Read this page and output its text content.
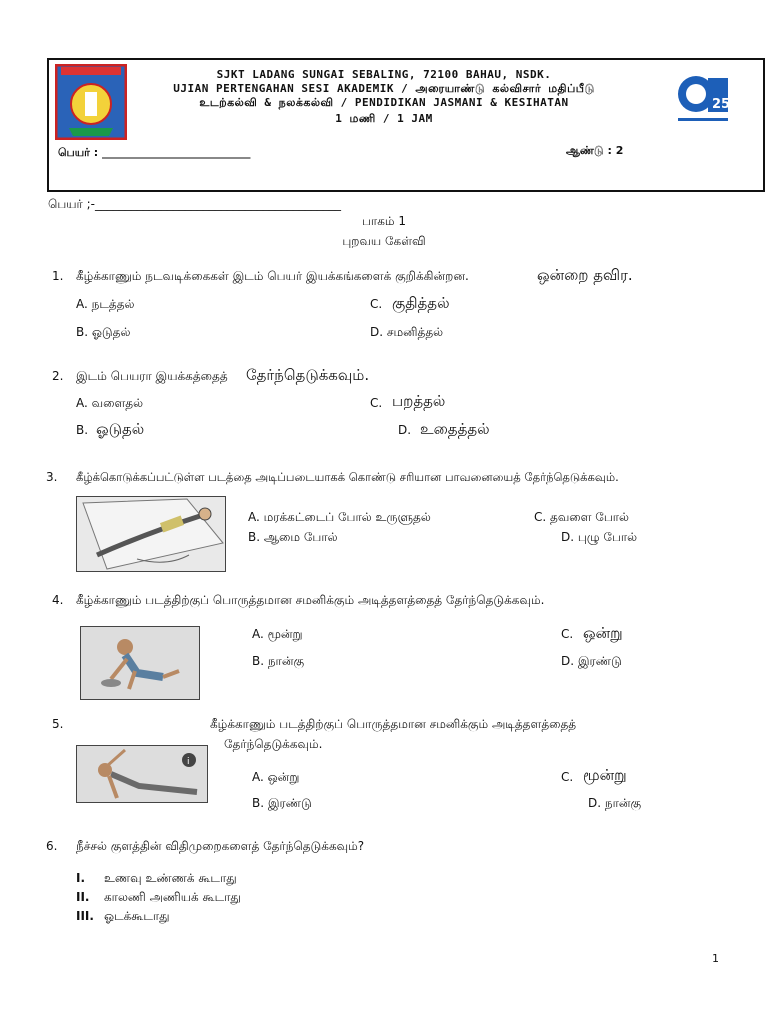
25
SJKT LADANG SUNGAI SEBALING, 72100 BAHAU, NSDK.
UJIAN PERTENGAHAN SESI AKADEMIK / அரையாண்டு கல்விசார் மதிப்பீடு
உடற்கல்வி & நலக்கல்வி / PENDIDIKAN JASMANI & KESIHATAN
1 மணி / 1 JAM
பெயர் : ___________________________	ஆண்டு : 2
பெயர் ;-_________________________________________
பாகம் 1
புறவய கேள்வி
1. கீழ்க்காணும் நடவடிக்கைகள் இடம் பெயர் இயக்கங்களைக் குறிக்கின்றன.	ஒன்றை தவிர.
A. நடத்தல்	C. குதித்தல்
B. ஓடுதல்	D. சமனித்தல்
2. இடம் பெயரா இயக்கத்தைத் தேர்ந்தெடுக்கவும்.
A. வளைதல்	C. பறத்தல்
B. ஓடுதல்	D. உதைத்தல்
3. கீழ்க்கொடுக்கப்பட்டுள்ள படத்தை அடிப்படையாகக் கொண்டு சரியான பாவனையைத் தேர்ந்தெடுக்கவும்.
A. மரக்கட்டைப் போல் உருளுதல்	C. தவளை போல்
B. ஆமை போல்	D. புழு போல்
4. கீழ்க்காணும் படத்திற்குப் பொருத்தமான சமனிக்கும் அடித்தளத்தைத் தேர்ந்தெடுக்கவும்.
A. மூன்று	C. ஒன்று
B. நான்கு	D. இரண்டு
5.	கீழ்க்காணும் படத்திற்குப் பொருத்தமான சமனிக்கும் அடித்தளத்தைத்
தேர்ந்தெடுக்கவும்.
i
A. ஒன்று	C. மூன்று
B. இரண்டு	D. நான்கு
6. நீச்சல் குளத்தின் விதிமுறைகளைத் தேர்ந்தெடுக்கவும்?
I. உணவு உண்ணக் கூடாது
II. காலணி அணியக் கூடாது
III. ஓடக்கூடாது
1
